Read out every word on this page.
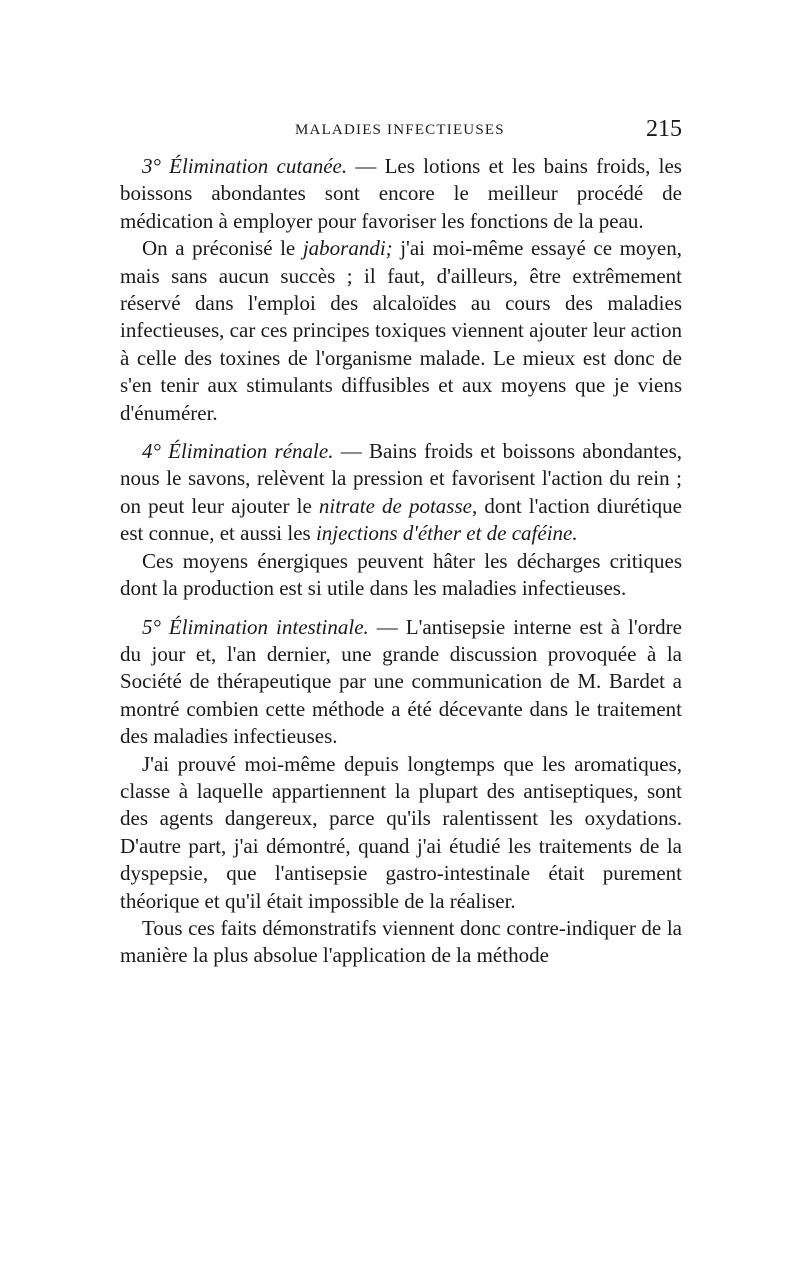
MALADIES INFECTIEUSES	215

3° Élimination cutanée. — Les lotions et les bains froids, les boissons abondantes sont encore le meilleur procédé de médication à employer pour favoriser les fonctions de la peau.

On a préconisé le jaborandi; j'ai moi-même essayé ce moyen, mais sans aucun succès ; il faut, d'ailleurs, être extrêmement réservé dans l'emploi des alcaloïdes au cours des maladies infectieuses, car ces principes toxiques viennent ajouter leur action à celle des toxines de l'organisme malade. Le mieux est donc de s'en tenir aux stimulants diffusibles et aux moyens que je viens d'énumérer.

4° Élimination rénale. — Bains froids et boissons abondantes, nous le savons, relèvent la pression et favorisent l'action du rein ; on peut leur ajouter le nitrate de potasse, dont l'action diurétique est connue, et aussi les injections d'éther et de caféine.

Ces moyens énergiques peuvent hâter les décharges critiques dont la production est si utile dans les maladies infectieuses.

5° Élimination intestinale. — L'antisepsie interne est à l'ordre du jour et, l'an dernier, une grande discussion provoquée à la Société de thérapeutique par une communication de M. Bardet a montré combien cette méthode a été décevante dans le traitement des maladies infectieuses.

J'ai prouvé moi-même depuis longtemps que les aromatiques, classe à laquelle appartiennent la plupart des antiseptiques, sont des agents dangereux, parce qu'ils ralentissent les oxydations. D'autre part, j'ai démontré, quand j'ai étudié les traitements de la dyspepsie, que l'antisepsie gastro-intestinale était purement théorique et qu'il était impossible de la réaliser.

Tous ces faits démonstratifs viennent donc contre-indiquer de la manière la plus absolue l'application de la méthode
